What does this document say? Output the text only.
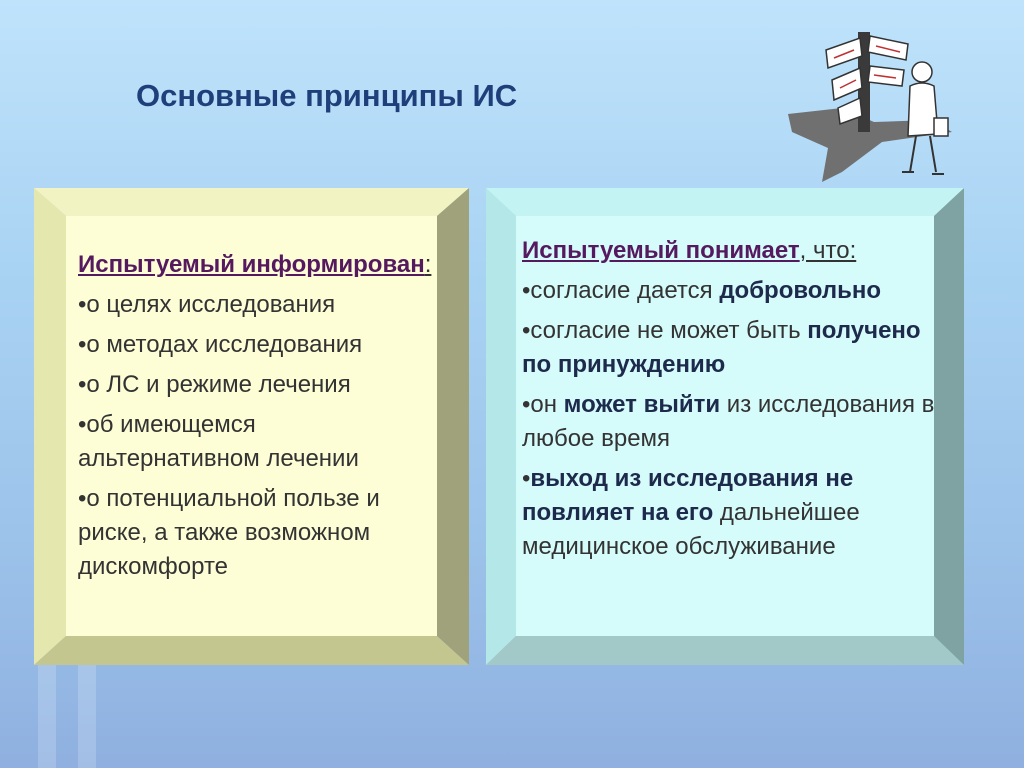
Основные принципы ИС
Испытуемый информирован:
•о целях исследования
•о методах исследования
•о ЛС и режиме лечения
•об имеющемся альтернативном лечении
•о потенциальной пользе и риске, а также возможном дискомфорте
Испытуемый понимает, что:
•согласие дается добровольно
•согласие не может быть получено по принуждению
•он может выйти из исследования в любое время
•выход из исследования не повлияет на его дальнейшее медицинское обслуживание
